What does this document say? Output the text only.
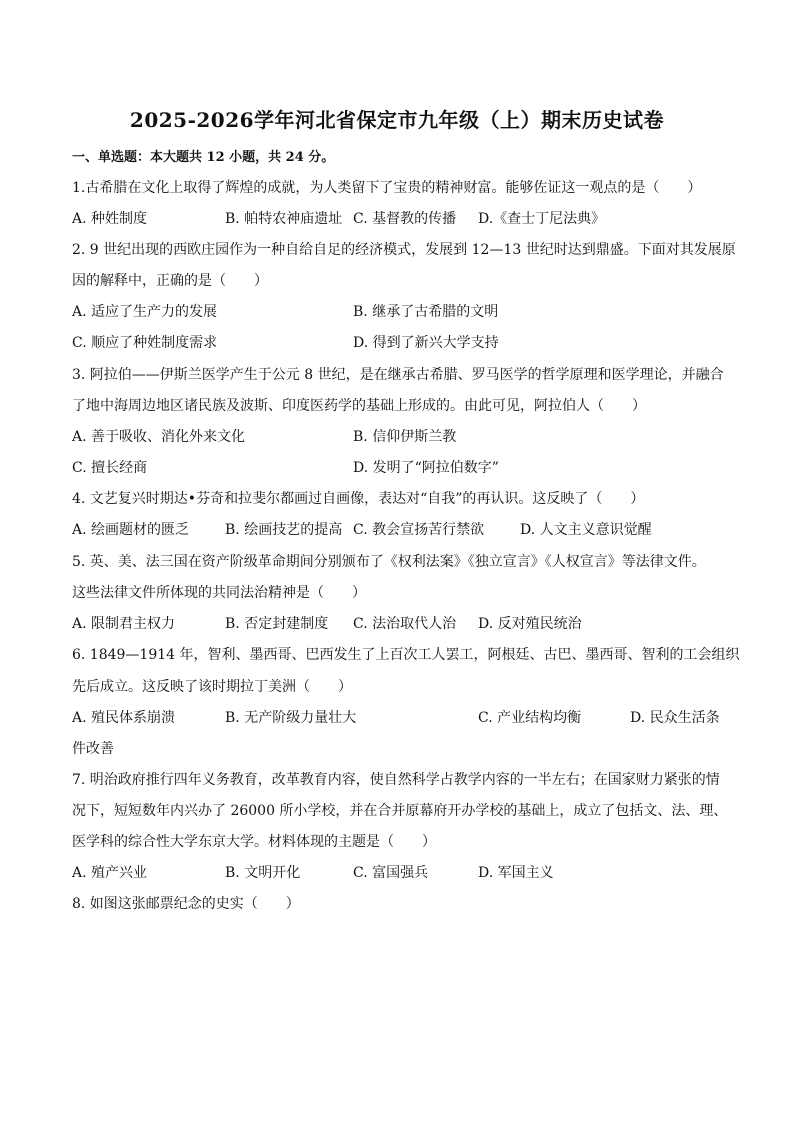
2025-2026学年河北省保定市九年级（上）期末历史试卷
一、单选题：本大题共 12 小题，共 24 分。
1.古希腊在文化上取得了辉煌的成就，为人类留下了宝贵的精神财富。能够佐证这一观点的是（　　）
A. 种姓制度	B. 帕特农神庙遗址 C. 基督教的传播 D.《查士丁尼法典》
2. 9 世纪出现的西欧庄园作为一种自给自足的经济模式，发展到 12—13 世纪时达到鼎盛。下面对其发展原
因的解释中，正确的是（　　）
A. 适应了生产力的发展	B. 继承了古希腊的文明
C. 顺应了种姓制度需求	D. 得到了新兴大学支持
3. 阿拉伯——伊斯兰医学产生于公元 8 世纪，是在继承古希腊、罗马医学的哲学原理和医学理论，并融合
了地中海周边地区诸民族及波斯、印度医药学的基础上形成的。由此可见，阿拉伯人（　　）
A. 善于吸收、消化外来文化	B. 信仰伊斯兰教
C. 擅长经商	D. 发明了“阿拉伯数字”
4. 文艺复兴时期达•芬奇和拉斐尔都画过自画像，表达对“自我”的再认识。这反映了（　　）
A. 绘画题材的匮乏	B. 绘画技艺的提高 C. 教会宣扬苦行禁欲	D. 人文主义意识觉醒
5. 英、美、法三国在资产阶级革命期间分别颁布了《权利法案》《独立宣言》《人权宣言》等法律文件。
这些法律文件所体现的共同法治精神是（　　）
A. 限制君主权力	B. 否定封建制度 C. 法治取代人治 D. 反对殖民统治
6. 1849—1914 年，智利、墨西哥、巴西发生了上百次工人罢工，阿根廷、古巴、墨西哥、智利的工会组织
先后成立。这反映了该时期拉丁美洲（　　）
A. 殖民体系崩溃	B. 无产阶级力量壮大	C. 产业结构均衡	D. 民众生活条
件改善
7. 明治政府推行四年义务教育，改革教育内容，使自然科学占教学内容的一半左右；在国家财力紧张的情
况下，短短数年内兴办了 26000 所小学校，并在合并原幕府开办学校的基础上，成立了包括文、法、理、
医学科的综合性大学东京大学。材料体现的主题是（　　）
A. 殖产兴业	B. 文明开化	C. 富国强兵	D. 军国主义
8. 如图这张邮票纪念的史实（　　）
